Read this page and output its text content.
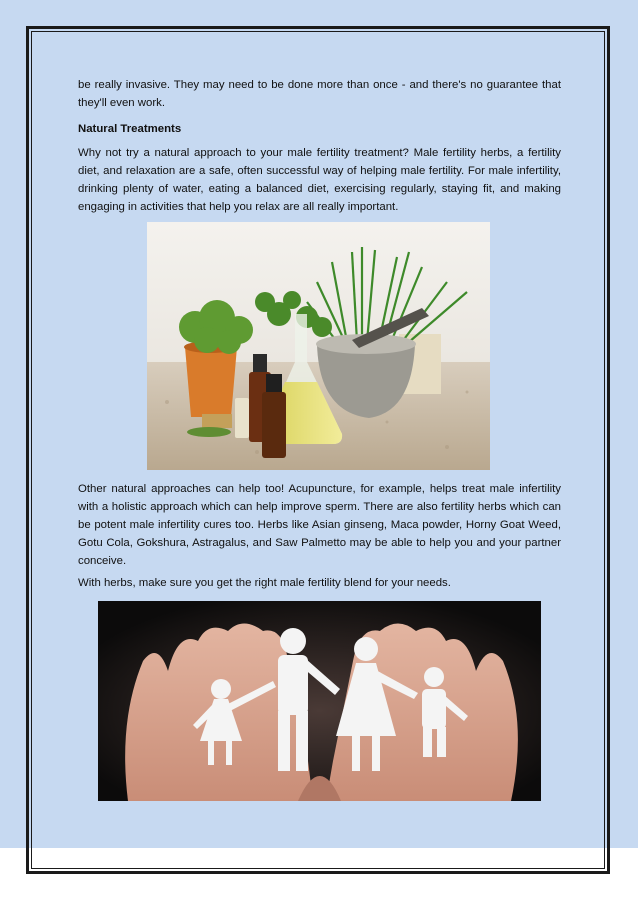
be really invasive. They may need to be done more than once - and there's no guarantee that they'll even work.

Natural Treatments

Why not try a natural approach to your male fertility treatment? Male fertility herbs, a fertility diet, and relaxation are a safe, often successful way of helping male fertility. For male infertility, drinking plenty of water, eating a balanced diet, exercising regularly, staying fit, and making engaging in activities that help you relax are all really important.

Other natural approaches can help too! Acupuncture, for example, helps treat male infertility with a holistic approach which can help improve sperm. There are also fertility herbs which can be potent male infertility cures too. Herbs like Asian ginseng, Maca powder, Horny Goat Weed, Gotu Cola, Gokshura, Astragalus, and Saw Palmetto may be able to help you and your partner conceive.

With herbs, make sure you get the right male fertility blend for your needs.
